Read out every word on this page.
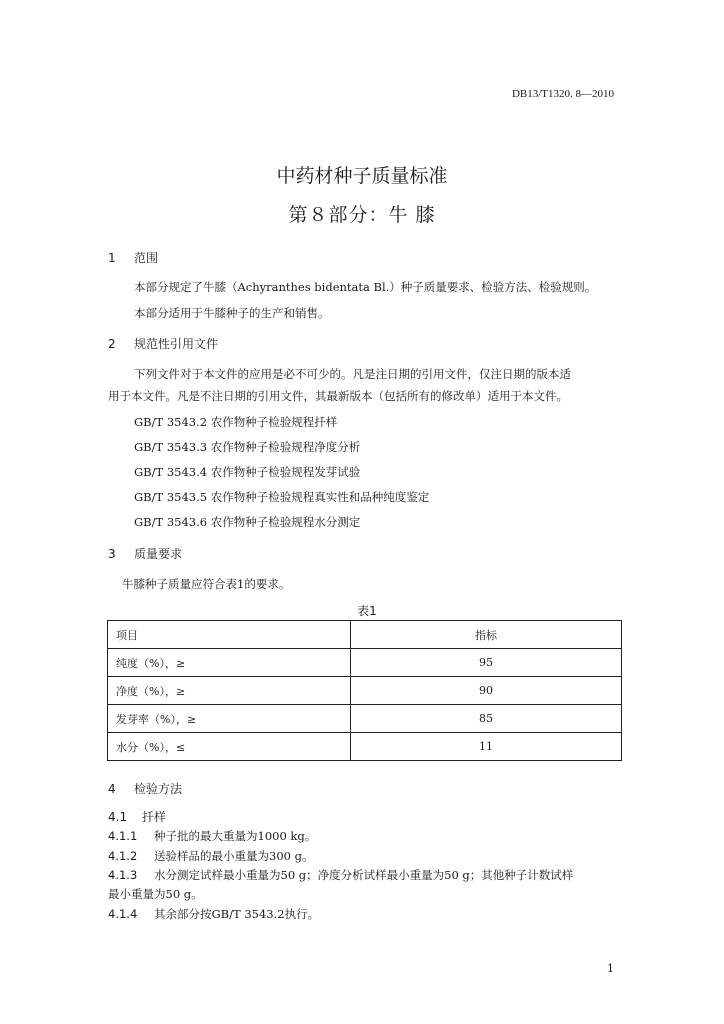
DB13/T1320. 8—2010
中药材种子质量标准
第８部分：牛 膝
1 范围
本部分规定了牛膝（Achyranthes bidentata Bl.）种子质量要求、检验方法、检验规则。
本部分适用于牛膝种子的生产和销售。
2 规范性引用文件
下列文件对于本文件的应用是必不可少的。凡是注日期的引用文件，仅注日期的版本适
用于本文件。凡是不注日期的引用文件，其最新版本（包括所有的修改单）适用于本文件。
GB/T 3543.2 农作物种子检验规程扦样
GB/T 3543.3 农作物种子检验规程净度分析
GB/T 3543.4 农作物种子检验规程发芽试验
GB/T 3543.5 农作物种子检验规程真实性和品种纯度鉴定
GB/T 3543.6 农作物种子检验规程水分测定
3 质量要求
牛膝种子质量应符合表1的要求。
表1
项目	指标
纯度（%），≥	95
净度（%），≥	90
发芽率（%），≥	85
水分（%），≤	11
4 检验方法
4.1 扦样
4.1.1 种子批的最大重量为1000 kg。
4.1.2 送验样品的最小重量为300 g。
4.1.3 水分测定试样最小重量为50 g；净度分析试样最小重量为50 g；其他种子计数试样
最小重量为50 g。
4.1.4 其余部分按GB/T 3543.2执行。
1
